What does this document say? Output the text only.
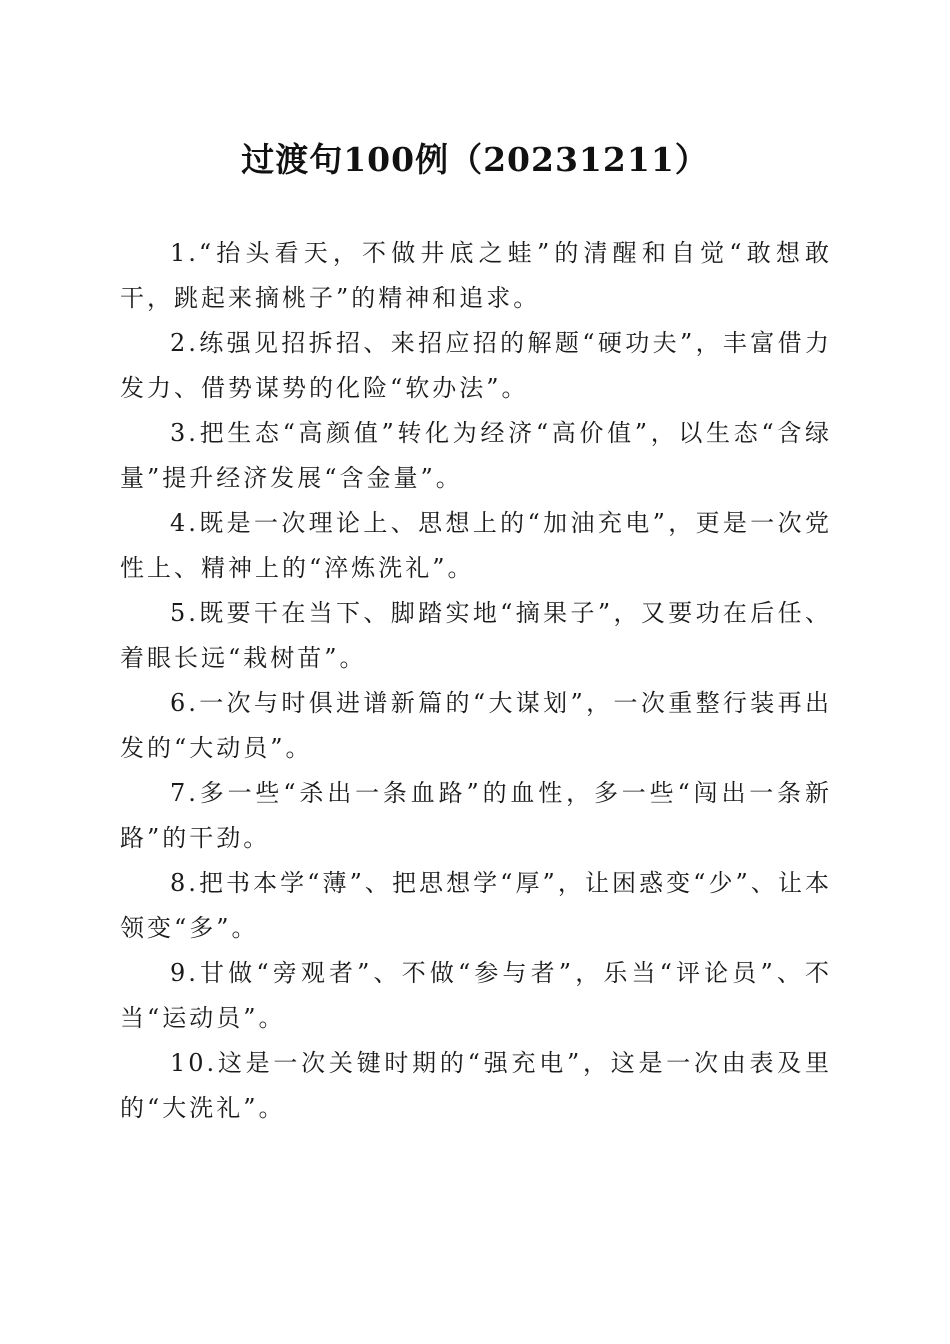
过渡句100例（20231211）

1.“抬头看天，不做井底之蛙”的清醒和自觉“敢想敢干，跳起来摘桃子”的精神和追求。

2.练强见招拆招、来招应招的解题“硬功夫”，丰富借力发力、借势谋势的化险“软办法”。

3.把生态“高颜值”转化为经济“高价值”，以生态“含绿量”提升经济发展“含金量”。

4.既是一次理论上、思想上的“加油充电”，更是一次党性上、精神上的“淬炼洗礼”。

5.既要干在当下、脚踏实地“摘果子”，又要功在后任、着眼长远“栽树苗”。

6.一次与时俱进谱新篇的“大谋划”，一次重整行装再出发的“大动员”。

7.多一些“杀出一条血路”的血性，多一些“闯出一条新路”的干劲。

8.把书本学“薄”、把思想学“厚”，让困惑变“少”、让本领变“多”。

9.甘做“旁观者”、不做“参与者”，乐当“评论员”、不当“运动员”。

10.这是一次关键时期的“强充电”，这是一次由表及里的“大洗礼”。
